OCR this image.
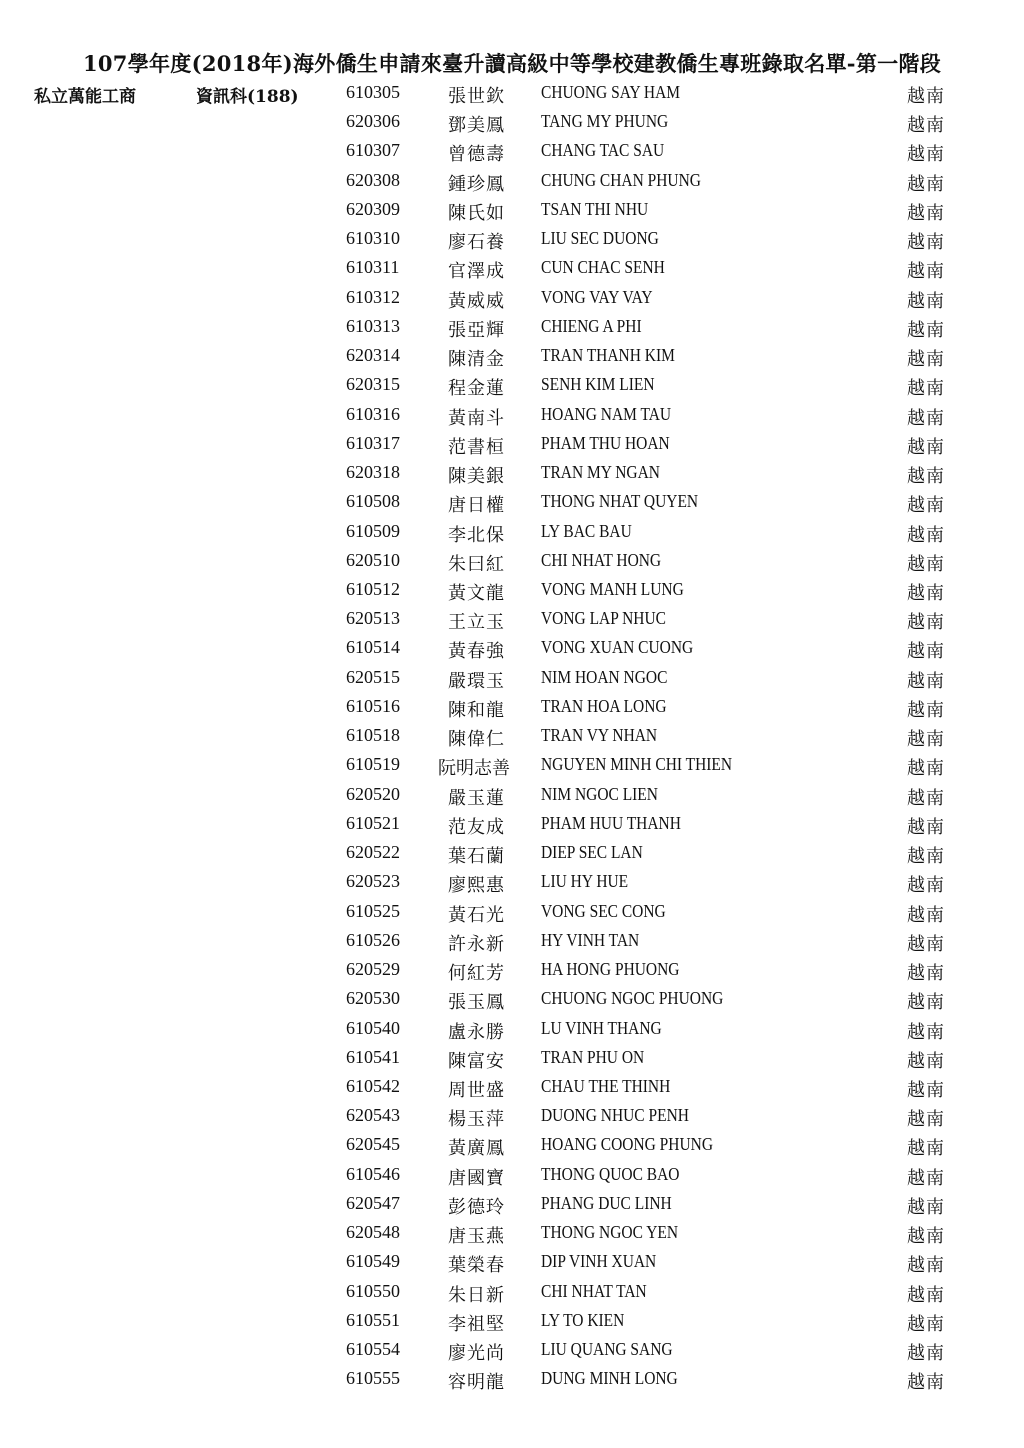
107學年度(2018年)海外僑生申請來臺升讀高級中等學校建教僑生專班錄取名單-第一階段
私立萬能工商	資訊科(188)	610305	張世欽 CHUONG SAY HAM	越南
620306	鄧美鳳 TANG MY PHUNG	越南
610307	曾德壽 CHANG TAC SAU	越南
620308	鍾珍鳳 CHUNG CHAN PHUNG	越南
620309	陳氏如 TSAN THI NHU	越南
610310	廖石養 LIU SEC DUONG	越南
610311	官澤成 CUN CHAC SENH	越南
610312	黃威威 VONG VAY VAY	越南
610313	張亞輝 CHIENG A PHI	越南
620314	陳清金 TRAN THANH KIM	越南
620315	程金蓮 SENH KIM LIEN	越南
610316	黃南斗 HOANG NAM TAU	越南
610317	范書桓 PHAM THU HOAN	越南
620318	陳美銀 TRAN MY NGAN	越南
610508	唐日權 THONG NHAT QUYEN	越南
610509	李北保 LY BAC BAU	越南
620510	朱曰紅 CHI NHAT HONG	越南
610512	黃文龍 VONG MANH LUNG	越南
620513	王立玉 VONG LAP NHUC	越南
610514	黃春強 VONG XUAN CUONG	越南
620515	嚴環玉 NIM HOAN NGOC	越南
610516	陳和龍 TRAN HOA LONG	越南
610518	陳偉仁 TRAN VY NHAN	越南
610519 阮明志善 NGUYEN MINH CHI THIEN	越南
620520	嚴玉蓮 NIM NGOC LIEN	越南
610521	范友成 PHAM HUU THANH	越南
620522	葉石蘭 DIEP SEC LAN	越南
620523	廖熙惠 LIU HY HUE	越南
610525	黃石光 VONG SEC CONG	越南
610526	許永新 HY VINH TAN	越南
620529	何紅芳 HA HONG PHUONG	越南
620530	張玉鳳 CHUONG NGOC PHUONG	越南
610540	盧永勝 LU VINH THANG	越南
610541	陳富安 TRAN PHU ON	越南
610542	周世盛 CHAU THE THINH	越南
620543	楊玉萍 DUONG NHUC PENH	越南
620545	黃廣鳳 HOANG COONG PHUNG	越南
610546	唐國寶 THONG QUOC BAO	越南
620547	彭德玲 PHANG DUC LINH	越南
620548	唐玉燕 THONG NGOC YEN	越南
610549	葉榮春 DIP VINH XUAN	越南
610550	朱日新 CHI NHAT TAN	越南
610551	李祖堅 LY TO KIEN	越南
610554	廖光尚 LIU QUANG SANG	越南
610555	容明龍 DUNG MINH LONG	越南
